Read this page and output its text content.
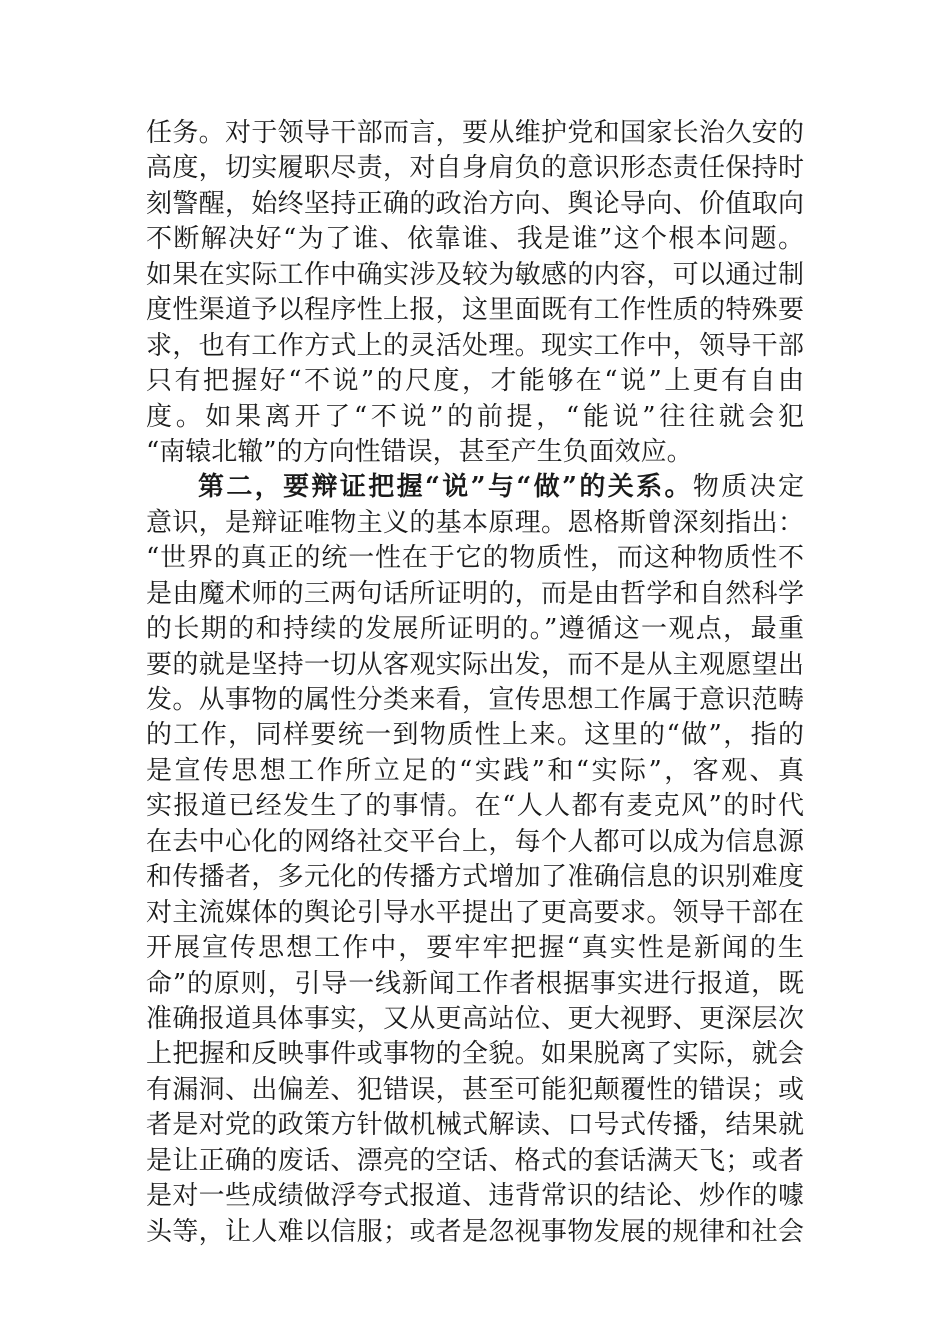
任务。对于领导干部而言，要从维护党和国家长治久安的
高度，切实履职尽责，对自身肩负的意识形态责任保持时
刻警醒，始终坚持正确的政治方向、舆论导向、价值取向
不断解决好“为了谁、依靠谁、我是谁”这个根本问题。
如果在实际工作中确实涉及较为敏感的内容，可以通过制
度性渠道予以程序性上报，这里面既有工作性质的特殊要
求，也有工作方式上的灵活处理。现实工作中，领导干部
只有把握好“不说”的尺度，才能够在“说”上更有自由
度。如果离开了“不说”的前提，“能说”往往就会犯
“南辕北辙”的方向性错误，甚至产生负面效应。
第二，要辩证把握“说”与“做”的关系。物质决定
意识，是辩证唯物主义的基本原理。恩格斯曾深刻指出：
“世界的真正的统一性在于它的物质性，而这种物质性不
是由魔术师的三两句话所证明的，而是由哲学和自然科学
的长期的和持续的发展所证明的。”遵循这一观点，最重
要的就是坚持一切从客观实际出发，而不是从主观愿望出
发。从事物的属性分类来看，宣传思想工作属于意识范畴
的工作，同样要统一到物质性上来。这里的“做”，指的
是宣传思想工作所立足的“实践”和“实际”，客观、真
实报道已经发生了的事情。在“人人都有麦克风”的时代
在去中心化的网络社交平台上，每个人都可以成为信息源
和传播者，多元化的传播方式增加了准确信息的识别难度
对主流媒体的舆论引导水平提出了更高要求。领导干部在
开展宣传思想工作中，要牢牢把握“真实性是新闻的生
命”的原则，引导一线新闻工作者根据事实进行报道，既
准确报道具体事实，又从更高站位、更大视野、更深层次
上把握和反映事件或事物的全貌。如果脱离了实际，就会
有漏洞、出偏差、犯错误，甚至可能犯颠覆性的错误；或
者是对党的政策方针做机械式解读、口号式传播，结果就
是让正确的废话、漂亮的空话、格式的套话满天飞；或者
是对一些成绩做浮夸式报道、违背常识的结论、炒作的噱
头等，让人难以信服；或者是忽视事物发展的规律和社会
